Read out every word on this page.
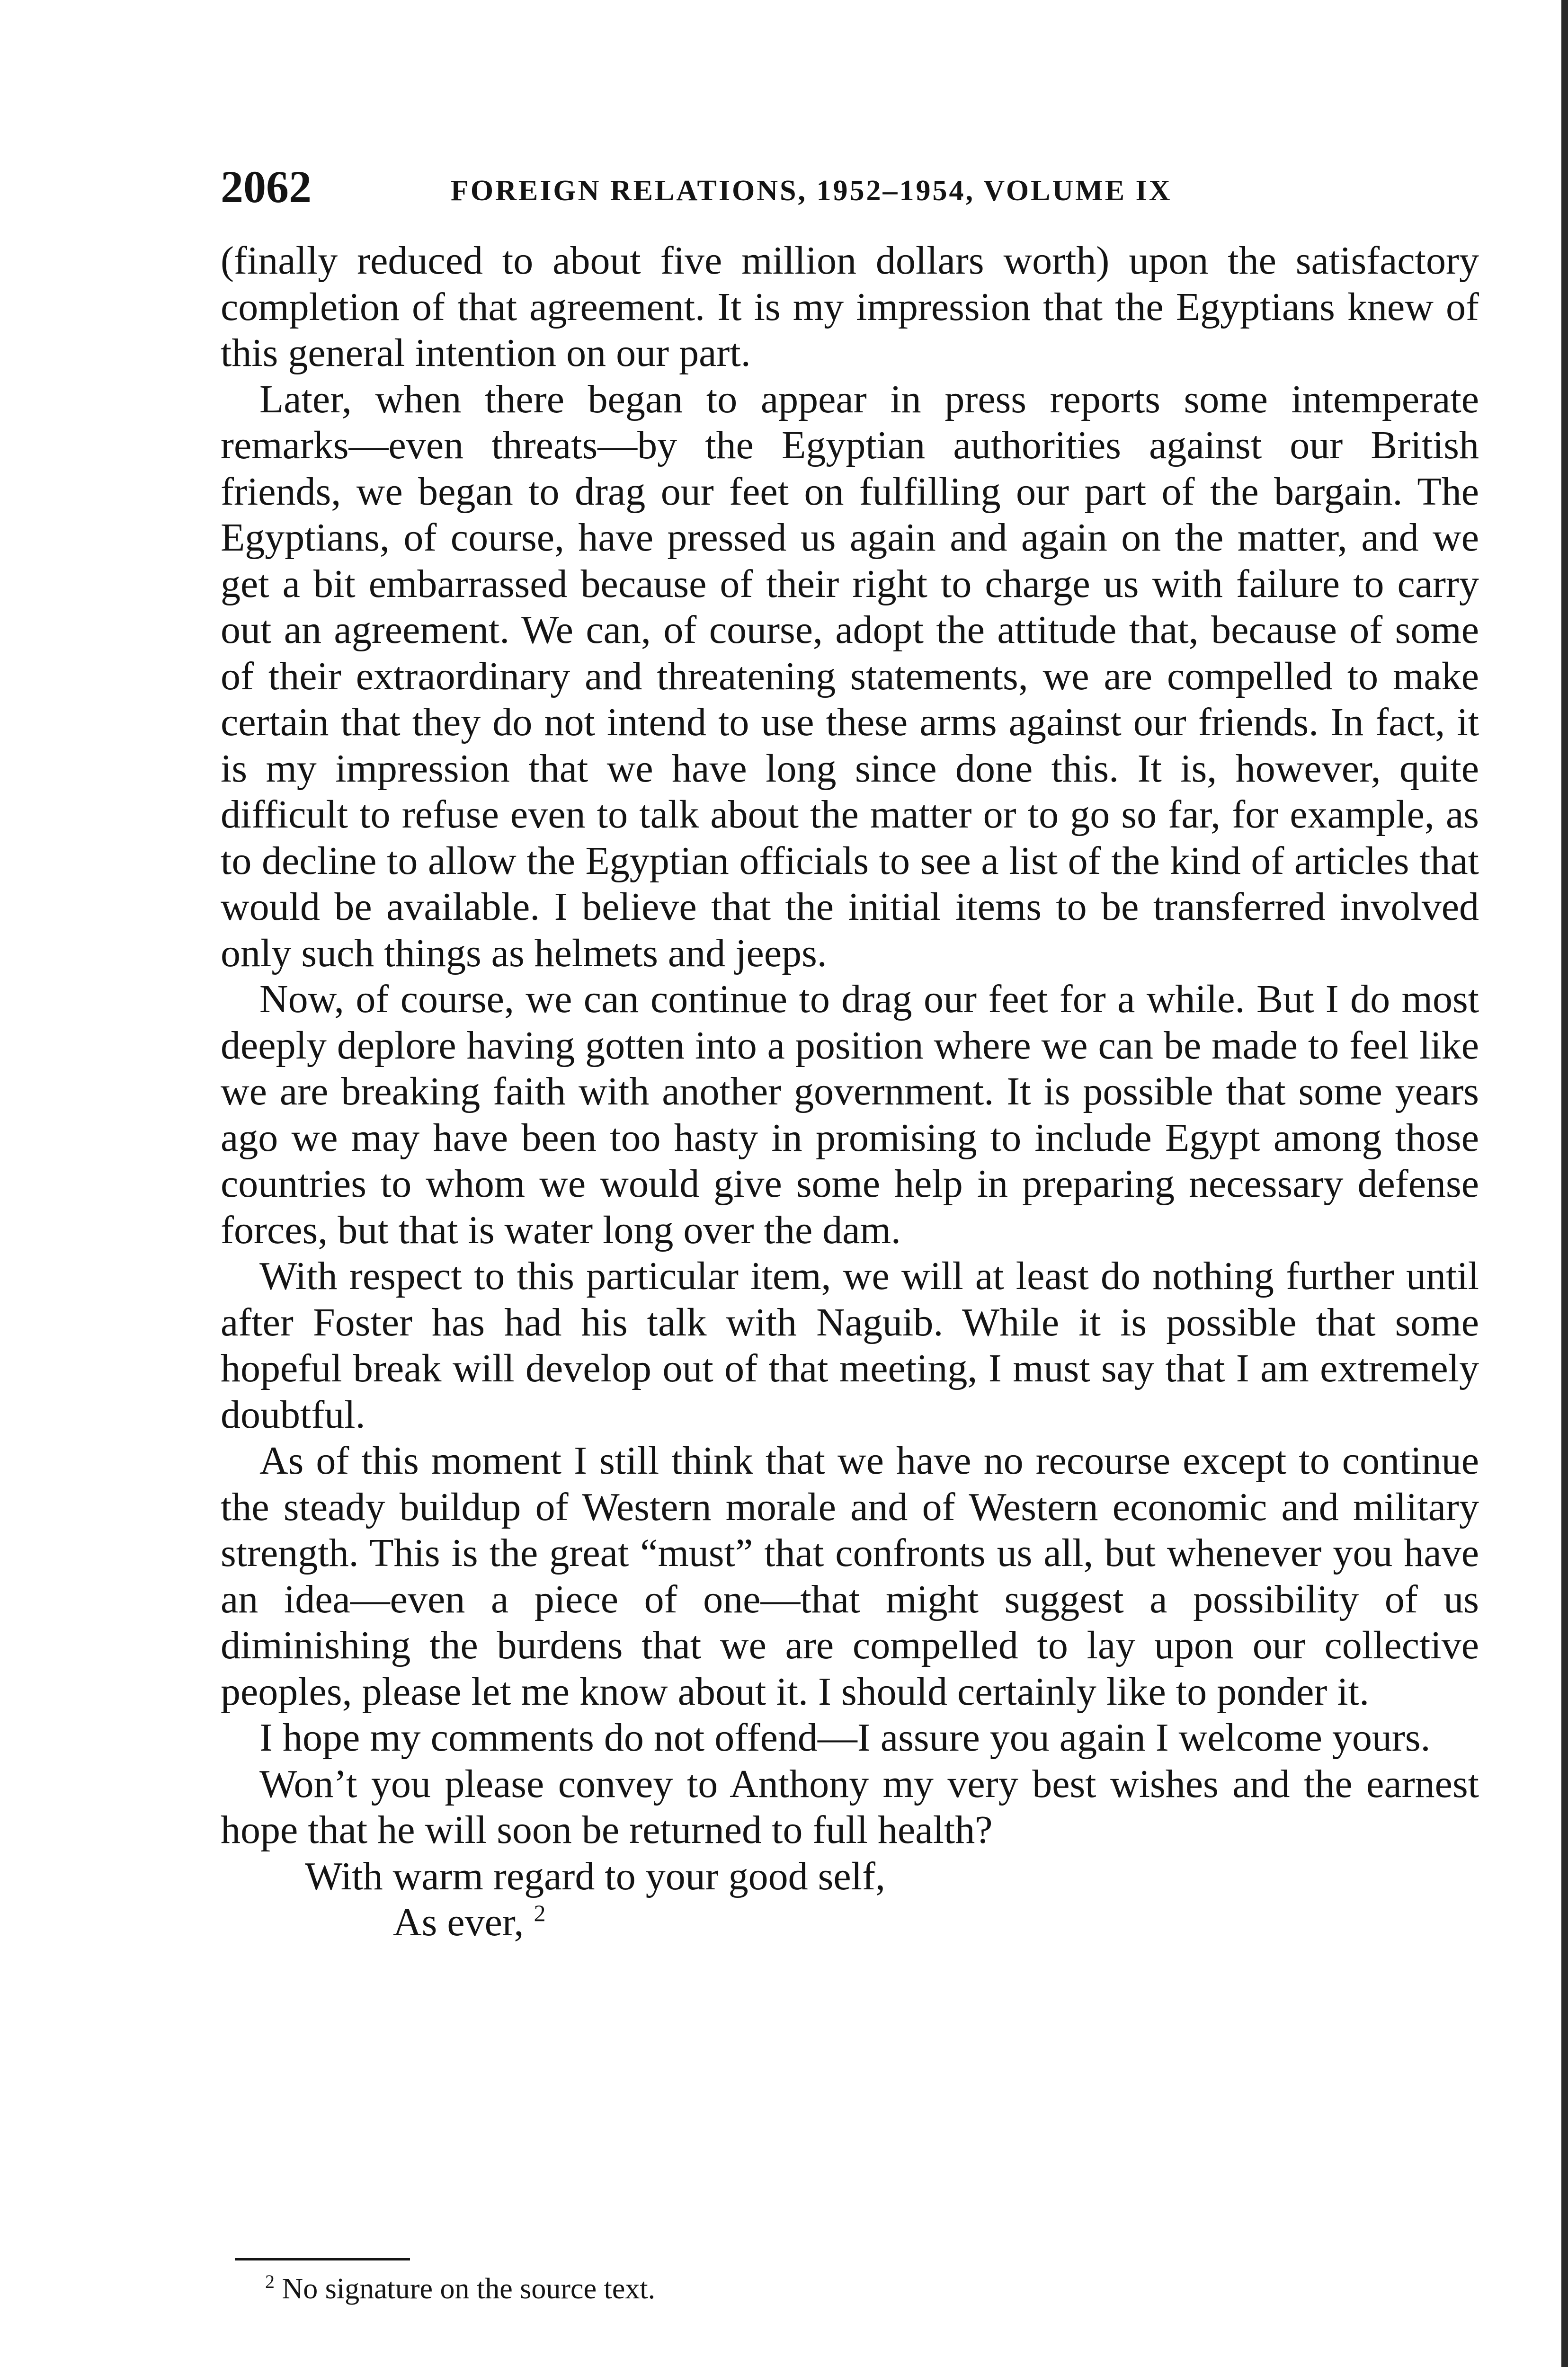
2062	FOREIGN RELATIONS, 1952–1954, VOLUME IX

(finally reduced to about five million dollars worth) upon the satisfactory completion of that agreement. It is my impression that the Egyptians knew of this general intention on our part.

Later, when there began to appear in press reports some intemperate remarks—even threats—by the Egyptian authorities against our British friends, we began to drag our feet on fulfilling our part of the bargain. The Egyptians, of course, have pressed us again and again on the matter, and we get a bit embarrassed because of their right to charge us with failure to carry out an agreement. We can, of course, adopt the attitude that, because of some of their extraordinary and threatening statements, we are compelled to make certain that they do not intend to use these arms against our friends. In fact, it is my impression that we have long since done this. It is, however, quite difficult to refuse even to talk about the matter or to go so far, for example, as to decline to allow the Egyptian officials to see a list of the kind of articles that would be available. I believe that the initial items to be transferred involved only such things as helmets and jeeps.

Now, of course, we can continue to drag our feet for a while. But I do most deeply deplore having gotten into a position where we can be made to feel like we are breaking faith with another government. It is possible that some years ago we may have been too hasty in promising to include Egypt among those countries to whom we would give some help in preparing necessary defense forces, but that is water long over the dam.

With respect to this particular item, we will at least do nothing further until after Foster has had his talk with Naguib. While it is possible that some hopeful break will develop out of that meeting, I must say that I am extremely doubtful.

As of this moment I still think that we have no recourse except to continue the steady buildup of Western morale and of Western economic and military strength. This is the great “must” that confronts us all, but whenever you have an idea—even a piece of one—that might suggest a possibility of us diminishing the burdens that we are compelled to lay upon our collective peoples, please let me know about it. I should certainly like to ponder it.

I hope my comments do not offend—I assure you again I welcome yours.

Won’t you please convey to Anthony my very best wishes and the earnest hope that he will soon be returned to full health?

With warm regard to your good self,

As ever, $^2$

$^2$ No signature on the source text.
